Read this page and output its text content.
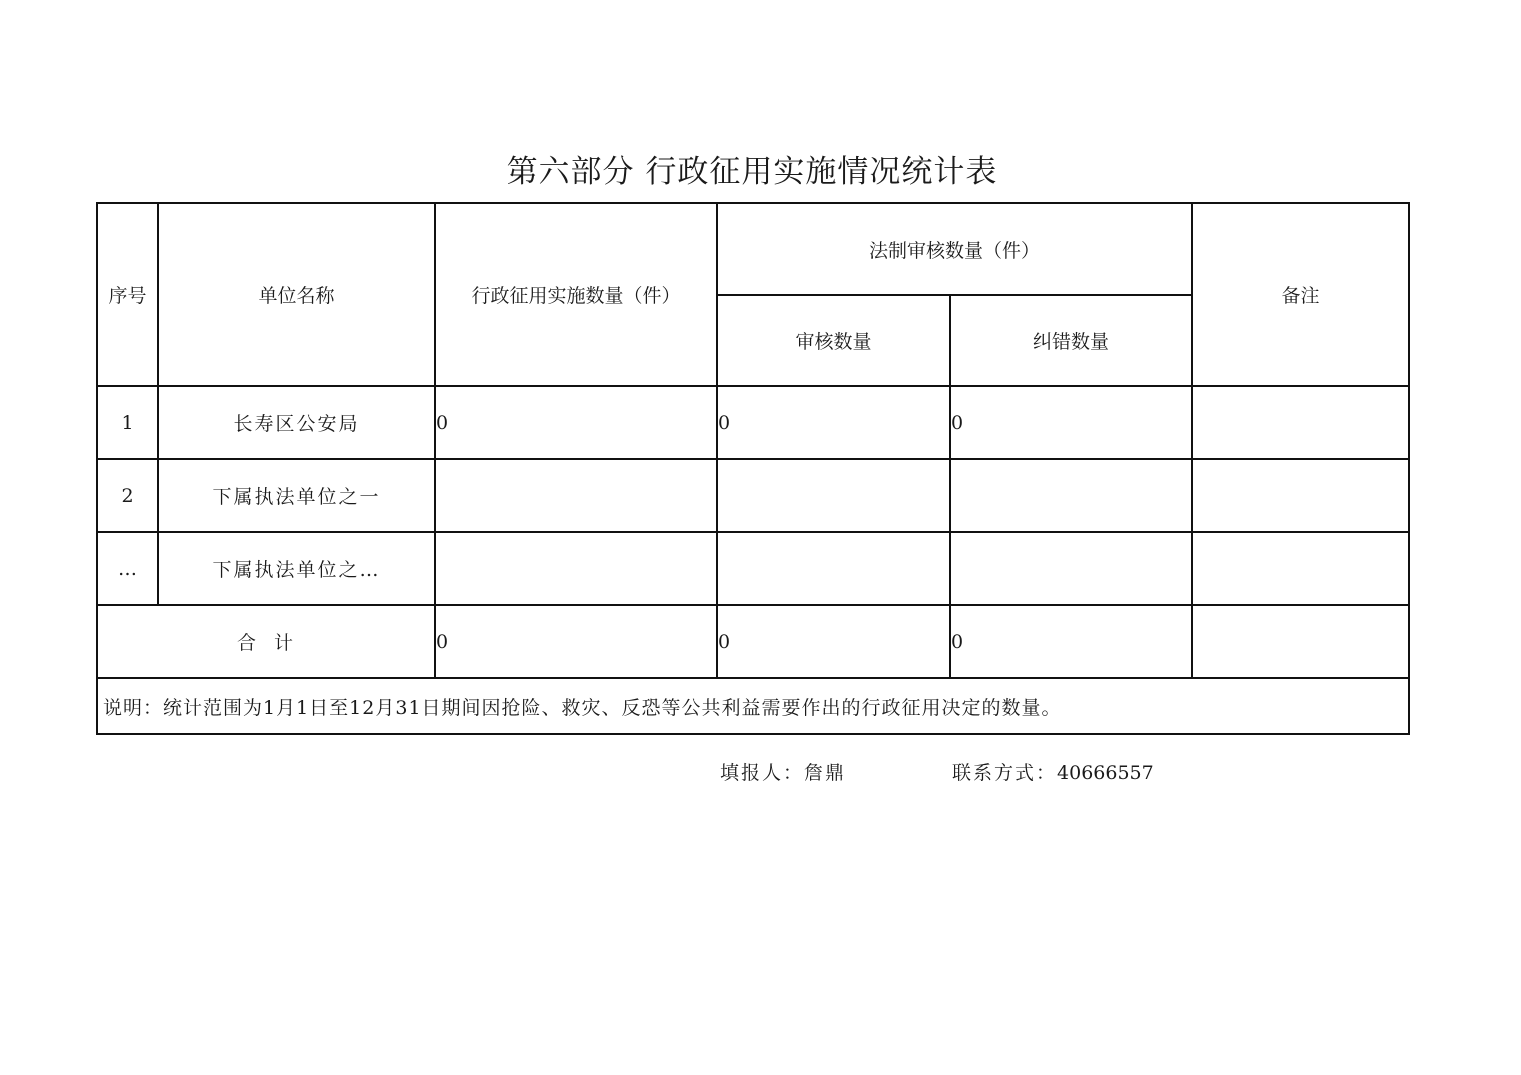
第六部分 行政征用实施情况统计表
序号	单位名称	行政征用实施数量（件）	法制审核数量（件）		备注
			审核数量	纠错数量	
1	长寿区公安局	0	0	0	
2	下属执法单位之一				
…	下属执法单位之…				
合  计		0	0	0	
说明：统计范围为1月1日至12月31日期间因抢险、救灾、反恐等公共利益需要作出的行政征用决定的数量。					
填报人：詹鼎	联系方式：40666557
